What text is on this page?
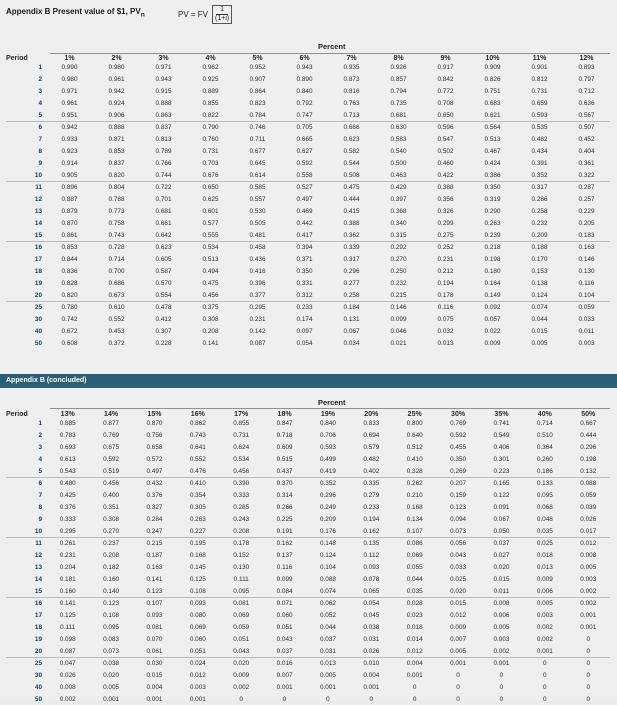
Appendix B Present value of $1, $PV_n$	PV = FV $\frac{1}{(1+i)}$
Percent
Period	1%	2%	3%	4%	5%	6%	7%	8%	9%	10%	11%	12%
1	0.990	0.980	0.971	0.962	0.952	0.943	0.935	0.926	0.917	0.909	0.901	0.893
2	0.980	0.961	0.943	0.925	0.907	0.890	0.873	0.857	0.842	0.826	0.812	0.797
3	0.971	0.942	0.915	0.889	0.864	0.840	0.816	0.794	0.772	0.751	0.731	0.712
4	0.961	0.924	0.888	0.855	0.823	0.792	0.763	0.735	0.708	0.683	0.659	0.636
5	0.951	0.906	0.863	0.822	0.784	0.747	0.713	0.681	0.650	0.621	0.593	0.567
6	0.942	0.888	0.837	0.790	0.746	0.705	0.666	0.630	0.596	0.564	0.535	0.507
7	0.933	0.871	0.813	0.760	0.711	0.665	0.623	0.583	0.547	0.513	0.482	0.452
8	0.923	0.853	0.789	0.731	0.677	0.627	0.582	0.540	0.502	0.467	0.434	0.404
9	0.914	0.837	0.766	0.703	0.645	0.592	0.544	0.500	0.460	0.424	0.391	0.361
10	0.905	0.820	0.744	0.676	0.614	0.558	0.508	0.463	0.422	0.386	0.352	0.322
11	0.896	0.804	0.722	0.650	0.585	0.527	0.475	0.429	0.388	0.350	0.317	0.287
12	0.887	0.788	0.701	0.625	0.557	0.497	0.444	0.397	0.356	0.319	0.286	0.257
13	0.879	0.773	0.681	0.601	0.530	0.469	0.415	0.368	0.326	0.290	0.258	0.229
14	0.870	0.758	0.661	0.577	0.505	0.442	0.388	0.340	0.299	0.263	0.232	0.205
15	0.861	0.743	0.642	0.555	0.481	0.417	0.362	0.315	0.275	0.239	0.209	0.183
16	0.853	0.728	0.623	0.534	0.458	0.394	0.339	0.292	0.252	0.218	0.188	0.163
17	0.844	0.714	0.605	0.513	0.436	0.371	0.317	0.270	0.231	0.198	0.170	0.146
18	0.836	0.700	0.587	0.494	0.416	0.350	0.296	0.250	0.212	0.180	0.153	0.130
19	0.828	0.686	0.570	0.475	0.396	0.331	0.277	0.232	0.194	0.164	0.138	0.116
20	0.820	0.673	0.554	0.456	0.377	0.312	0.258	0.215	0.178	0.149	0.124	0.104
25	0.780	0.610	0.478	0.375	0.295	0.233	0.184	0.146	0.116	0.092	0.074	0.059
30	0.742	0.552	0.412	0.308	0.231	0.174	0.131	0.099	0.075	0.057	0.044	0.033
40	0.672	0.453	0.307	0.208	0.142	0.097	0.067	0.046	0.032	0.022	0.015	0.011
50	0.608	0.372	0.228	0.141	0.087	0.054	0.034	0.021	0.013	0.009	0.005	0.003
Appendix B (concluded)
Percent
Period	13%	14%	15%	16%	17%	18%	19%	20%	25%	30%	35%	40%	50%
1	0.885	0.877	0.870	0.862	0.855	0.847	0.840	0.833	0.800	0.769	0.741	0.714	0.667
2	0.783	0.769	0.756	0.743	0.731	0.718	0.706	0.694	0.640	0.592	0.549	0.510	0.444
3	0.693	0.675	0.658	0.641	0.624	0.609	0.593	0.579	0.512	0.455	0.406	0.364	0.296
4	0.613	0.592	0.572	0.552	0.534	0.515	0.499	0.482	0.410	0.350	0.301	0.260	0.198
5	0.543	0.519	0.497	0.476	0.456	0.437	0.419	0.402	0.328	0.269	0.223	0.186	0.132
6	0.480	0.456	0.432	0.410	0.390	0.370	0.352	0.335	0.262	0.207	0.165	0.133	0.088
7	0.425	0.400	0.376	0.354	0.333	0.314	0.296	0.279	0.210	0.159	0.122	0.095	0.059
8	0.376	0.351	0.327	0.305	0.285	0.266	0.249	0.233	0.168	0.123	0.091	0.068	0.039
9	0.333	0.308	0.284	0.263	0.243	0.225	0.209	0.194	0.134	0.094	0.067	0.048	0.026
10	0.295	0.270	0.247	0.227	0.208	0.191	0.176	0.162	0.107	0.073	0.050	0.035	0.017
11	0.261	0.237	0.215	0.195	0.178	0.162	0.148	0.135	0.086	0.056	0.037	0.025	0.012
12	0.231	0.208	0.187	0.168	0.152	0.137	0.124	0.112	0.069	0.043	0.027	0.018	0.008
13	0.204	0.182	0.163	0.145	0.130	0.116	0.104	0.093	0.055	0.033	0.020	0.013	0.005
14	0.181	0.160	0.141	0.125	0.111	0.099	0.088	0.078	0.044	0.025	0.015	0.009	0.003
15	0.160	0.140	0.123	0.108	0.095	0.084	0.074	0.065	0.035	0.020	0.011	0.006	0.002
16	0.141	0.123	0.107	0.093	0.081	0.071	0.062	0.054	0.028	0.015	0.008	0.005	0.002
17	0.125	0.108	0.093	0.080	0.069	0.060	0.052	0.045	0.023	0.012	0.006	0.003	0.001
18	0.111	0.095	0.081	0.069	0.059	0.051	0.044	0.038	0.018	0.009	0.005	0.002	0.001
19	0.098	0.083	0.070	0.060	0.051	0.043	0.037	0.031	0.014	0.007	0.003	0.002	0
20	0.087	0.073	0.061	0.051	0.043	0.037	0.031	0.026	0.012	0.005	0.002	0.001	0
25	0.047	0.038	0.030	0.024	0.020	0.016	0.013	0.010	0.004	0.001	0.001	0	0
30	0.026	0.020	0.015	0.012	0.009	0.007	0.005	0.004	0.001	0	0	0	0
40	0.008	0.005	0.004	0.003	0.002	0.001	0.001	0.001	0	0	0	0	0
50	0.002	0.001	0.001	0.001	0	0	0	0	0	0	0	0	0
